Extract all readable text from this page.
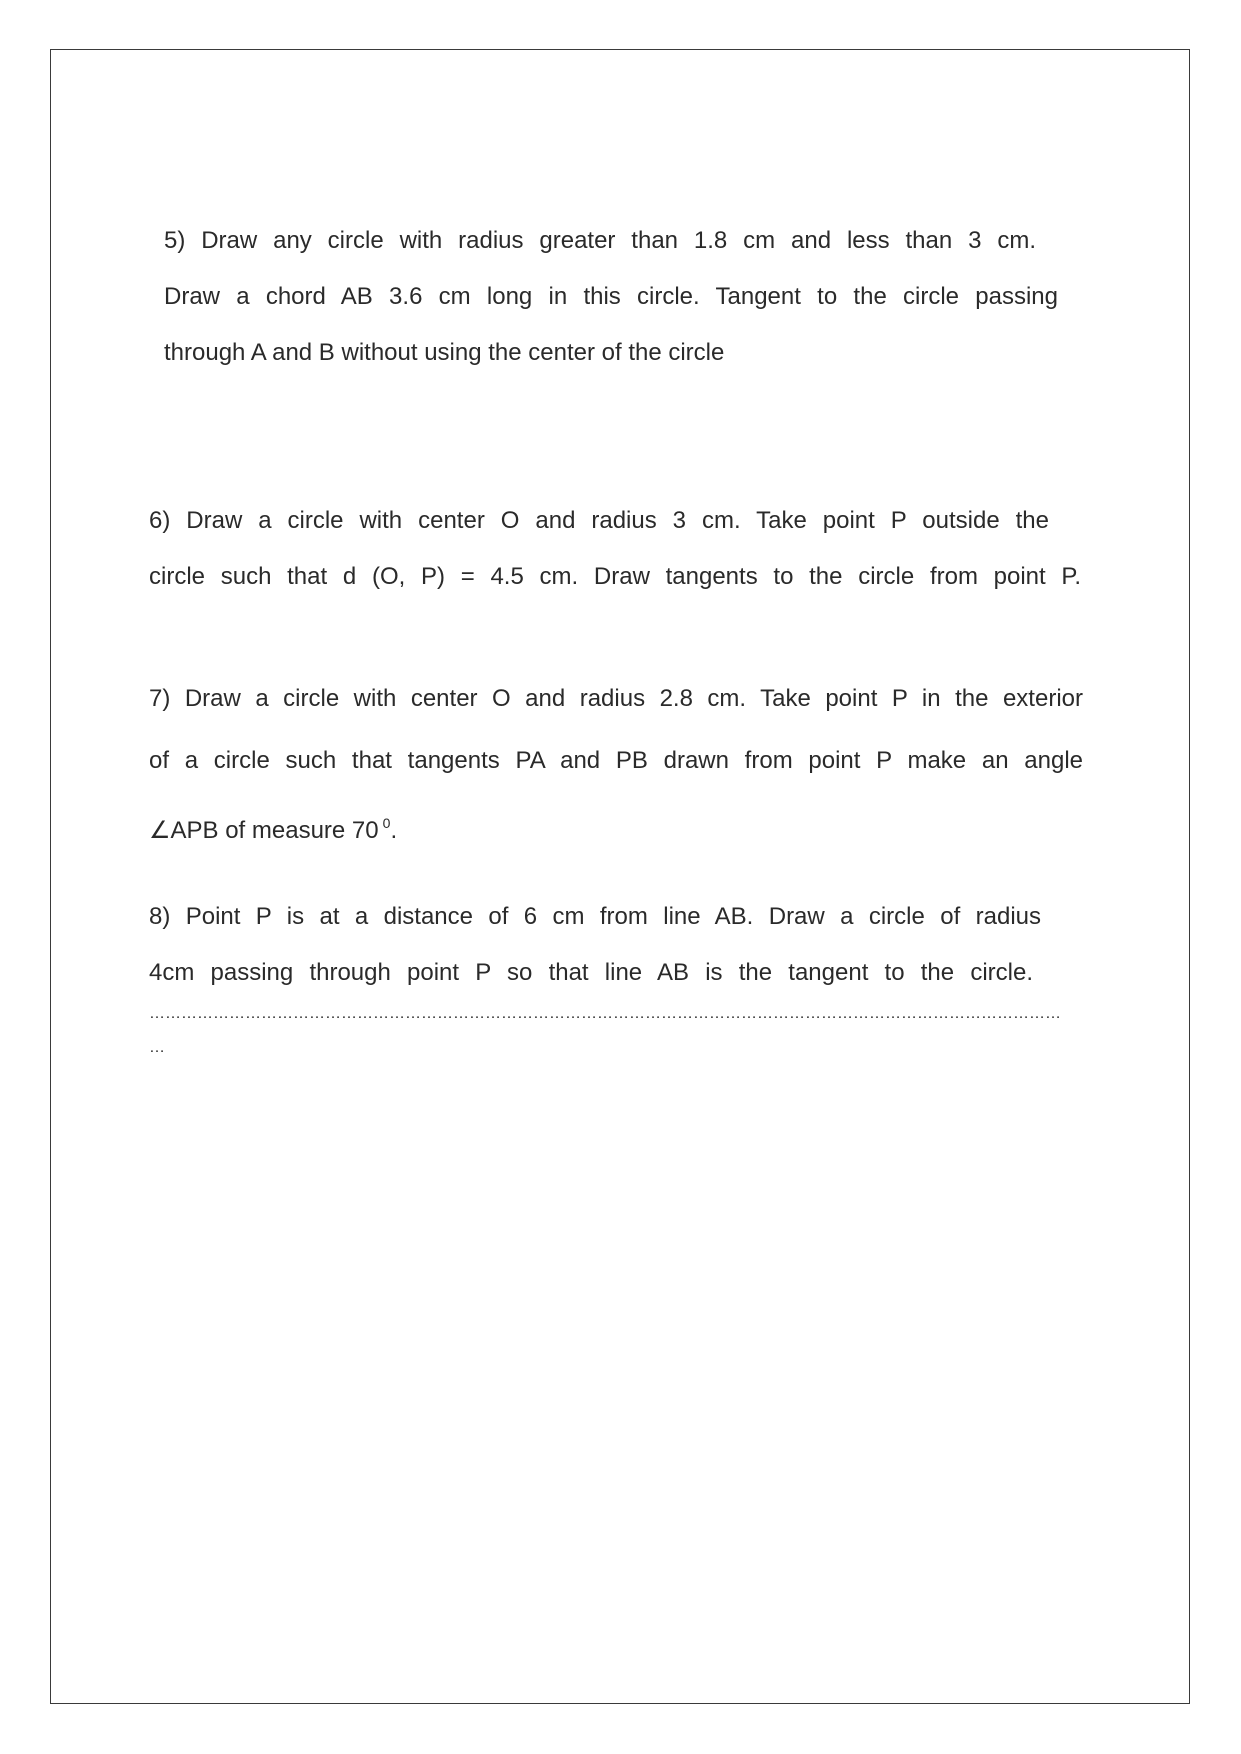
5) Draw any circle with radius greater than 1.8 cm and less than 3 cm.
Draw a chord AB 3.6 cm long in this circle. Tangent to the circle passing
through A and B without using the center of the circle
6) Draw a circle with center O and radius 3 cm. Take point P outside the
circle such that d (O, P) = 4.5 cm. Draw tangents to the circle from point P.
7) Draw a circle with center O and radius 2.8 cm. Take point P in the exterior
of a circle such that tangents PA and PB drawn from point P make an angle
∠APB of measure 70 $^0$.
8) Point P is at a distance of 6 cm from line AB. Draw a circle of radius
4cm passing through point P so that line AB is the tangent to the circle.
………………………………………………………………………………………………………………………………………………………
…
